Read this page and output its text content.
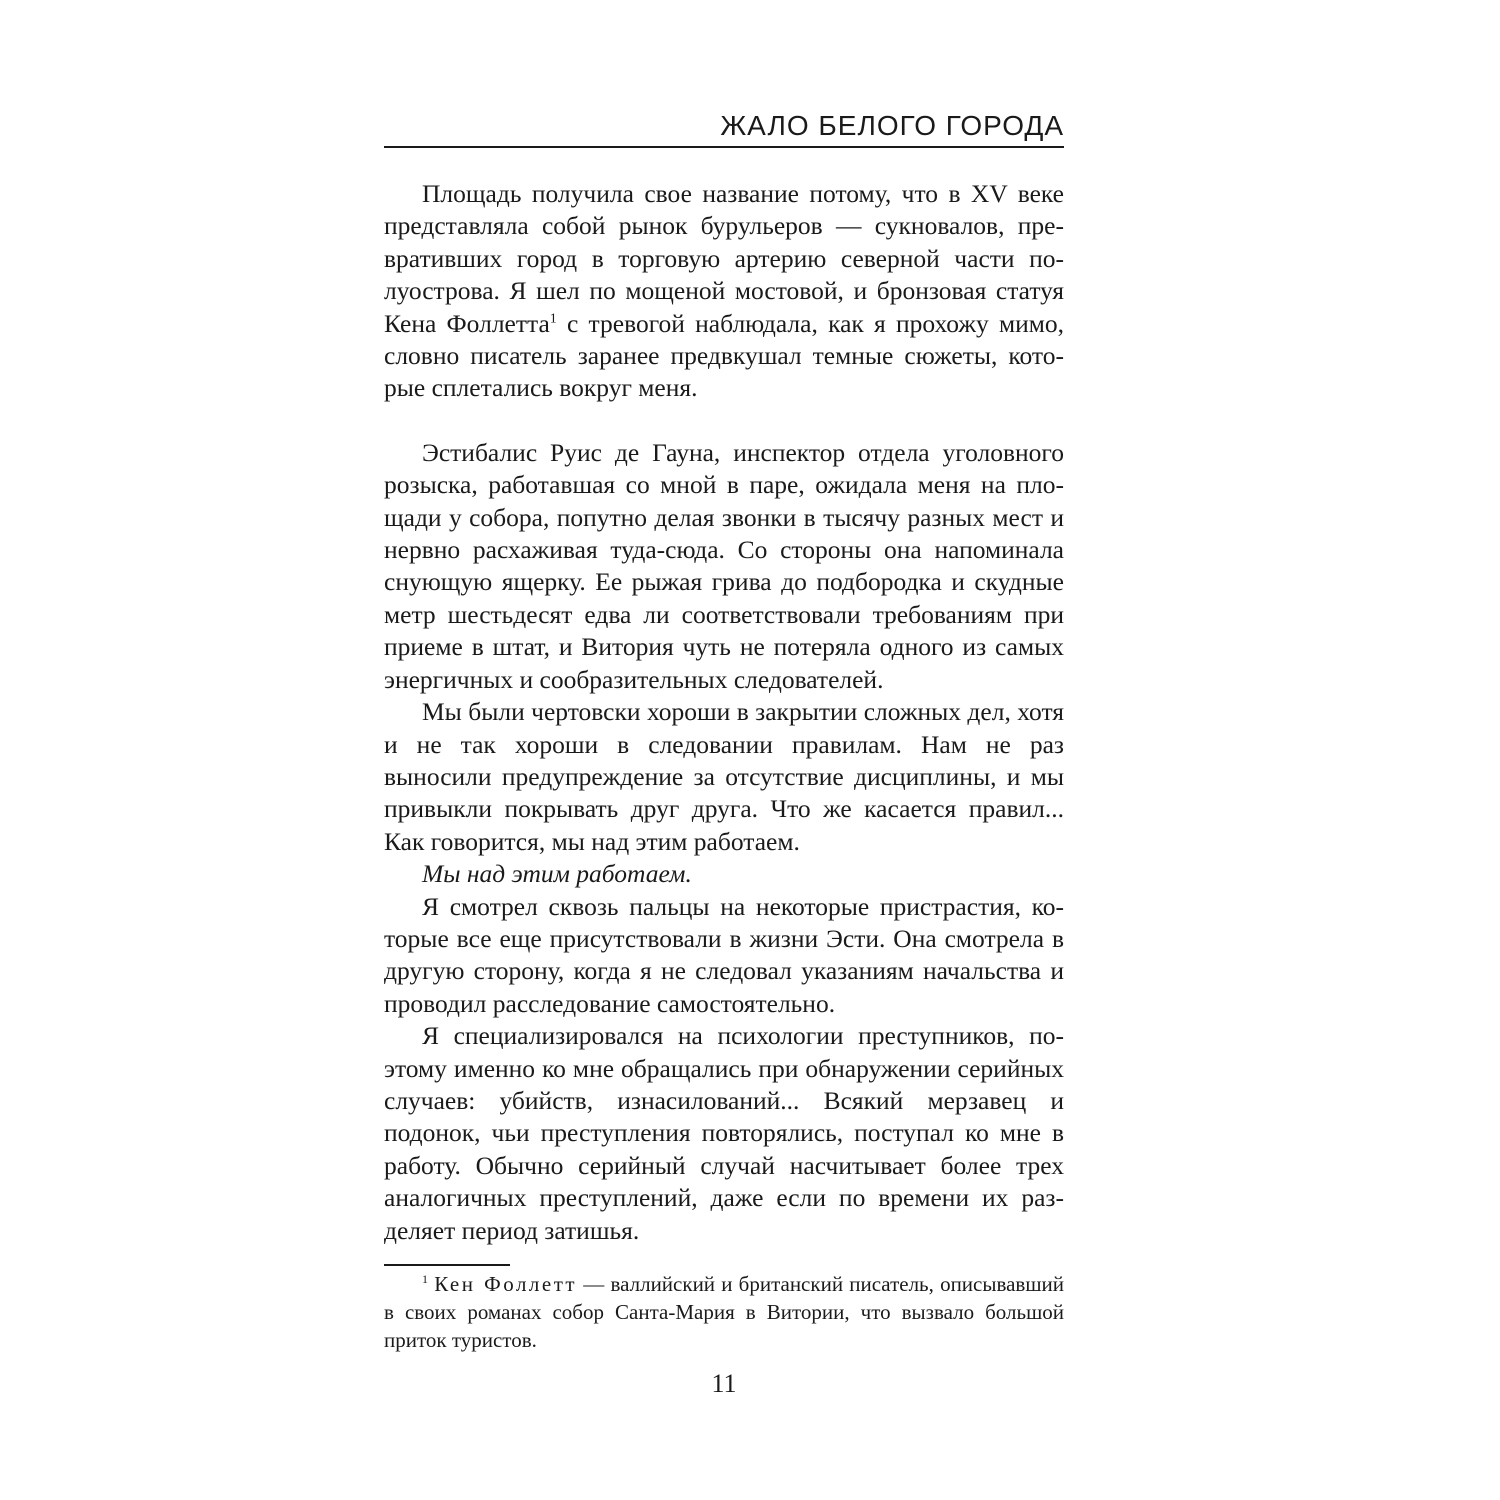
ЖАЛО БЕЛОГО ГОРОДА

Площадь получила свое название потому, что в XV веке представляла собой рынок бурульеров — сукновалов, превративших город в торговую артерию северной части полуострова. Я шел по мощеной мостовой, и бронзовая статуя Кена Фоллетта$^1$ с тревогой наблюдала, как я прохожу мимо, словно писатель заранее предвкушал темные сюжеты, которые сплетались вокруг меня.

Эстибалис Руис де Гауна, инспектор отдела уголовного розыска, работавшая со мной в паре, ожидала меня на площади у собора, попутно делая звонки в тысячу разных мест и нервно расхаживая туда-сюда. Со стороны она напоминала снующую ящерку. Ее рыжая грива до подбородка и скудные метр шестьдесят едва ли соответствовали требованиям при приеме в штат, и Витория чуть не потеряла одного из самых энергичных и сообразительных следователей.

Мы были чертовски хороши в закрытии сложных дел, хотя и не так хороши в следовании правилам. Нам не раз выносили предупреждение за отсутствие дисциплины, и мы привыкли покрывать друг друга. Что же касается правил... Как говорится, мы над этим работаем.

Мы над этим работаем.

Я смотрел сквозь пальцы на некоторые пристрастия, которые все еще присутствовали в жизни Эсти. Она смотрела в другую сторону, когда я не следовал указаниям начальства и проводил расследование самостоятельно.

Я специализировался на психологии преступников, поэтому именно ко мне обращались при обнаружении серийных случаев: убийств, изнасилований... Всякий мерзавец и подонок, чьи преступления повторялись, поступал ко мне в работу. Обычно серийный случай насчитывает более трех аналогичных преступлений, даже если по времени их разделяет период затишья.

$^1$ Кен Фоллетт — валлийский и британский писатель, описывавший в своих романах собор Санта-Мария в Витории, что вызвало большой приток туристов.

11
